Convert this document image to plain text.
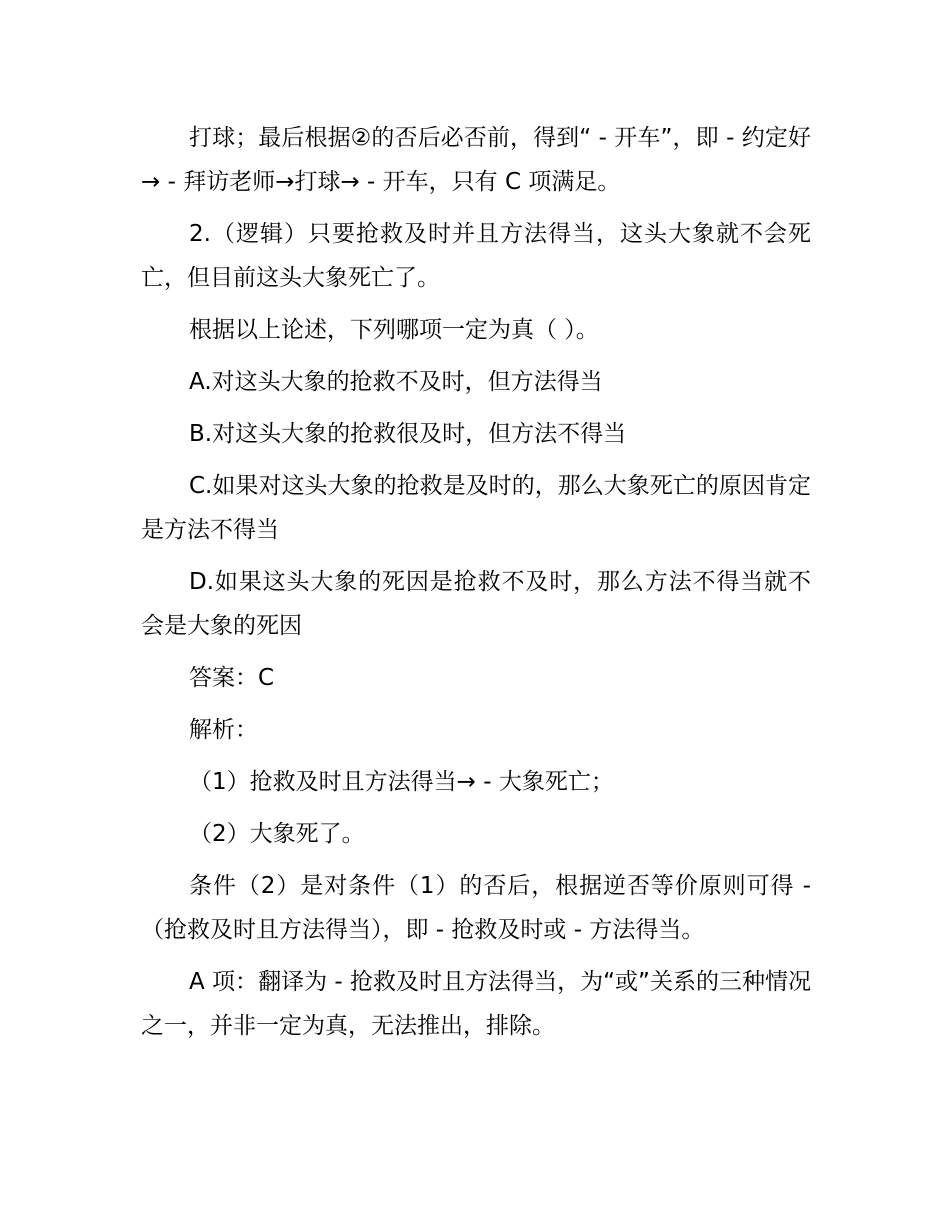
打球；最后根据②的否后必否前，得到“ - 开车”，即 - 约定好→ - 拜访老师→打球→ - 开车，只有 C 项满足。

2.（逻辑）只要抢救及时并且方法得当，这头大象就不会死亡，但目前这头大象死亡了。

根据以上论述，下列哪项一定为真（ ）。

A.对这头大象的抢救不及时，但方法得当

B.对这头大象的抢救很及时，但方法不得当

C.如果对这头大象的抢救是及时的，那么大象死亡的原因肯定是方法不得当

D.如果这头大象的死因是抢救不及时，那么方法不得当就不会是大象的死因

答案：C

解析：

（1）抢救及时且方法得当→ - 大象死亡；

（2）大象死了。

条件（2）是对条件（1）的否后，根据逆否等价原则可得 - （抢救及时且方法得当），即 - 抢救及时或 - 方法得当。

A 项：翻译为 - 抢救及时且方法得当，为“或”关系的三种情况之一，并非一定为真，无法推出，排除。
